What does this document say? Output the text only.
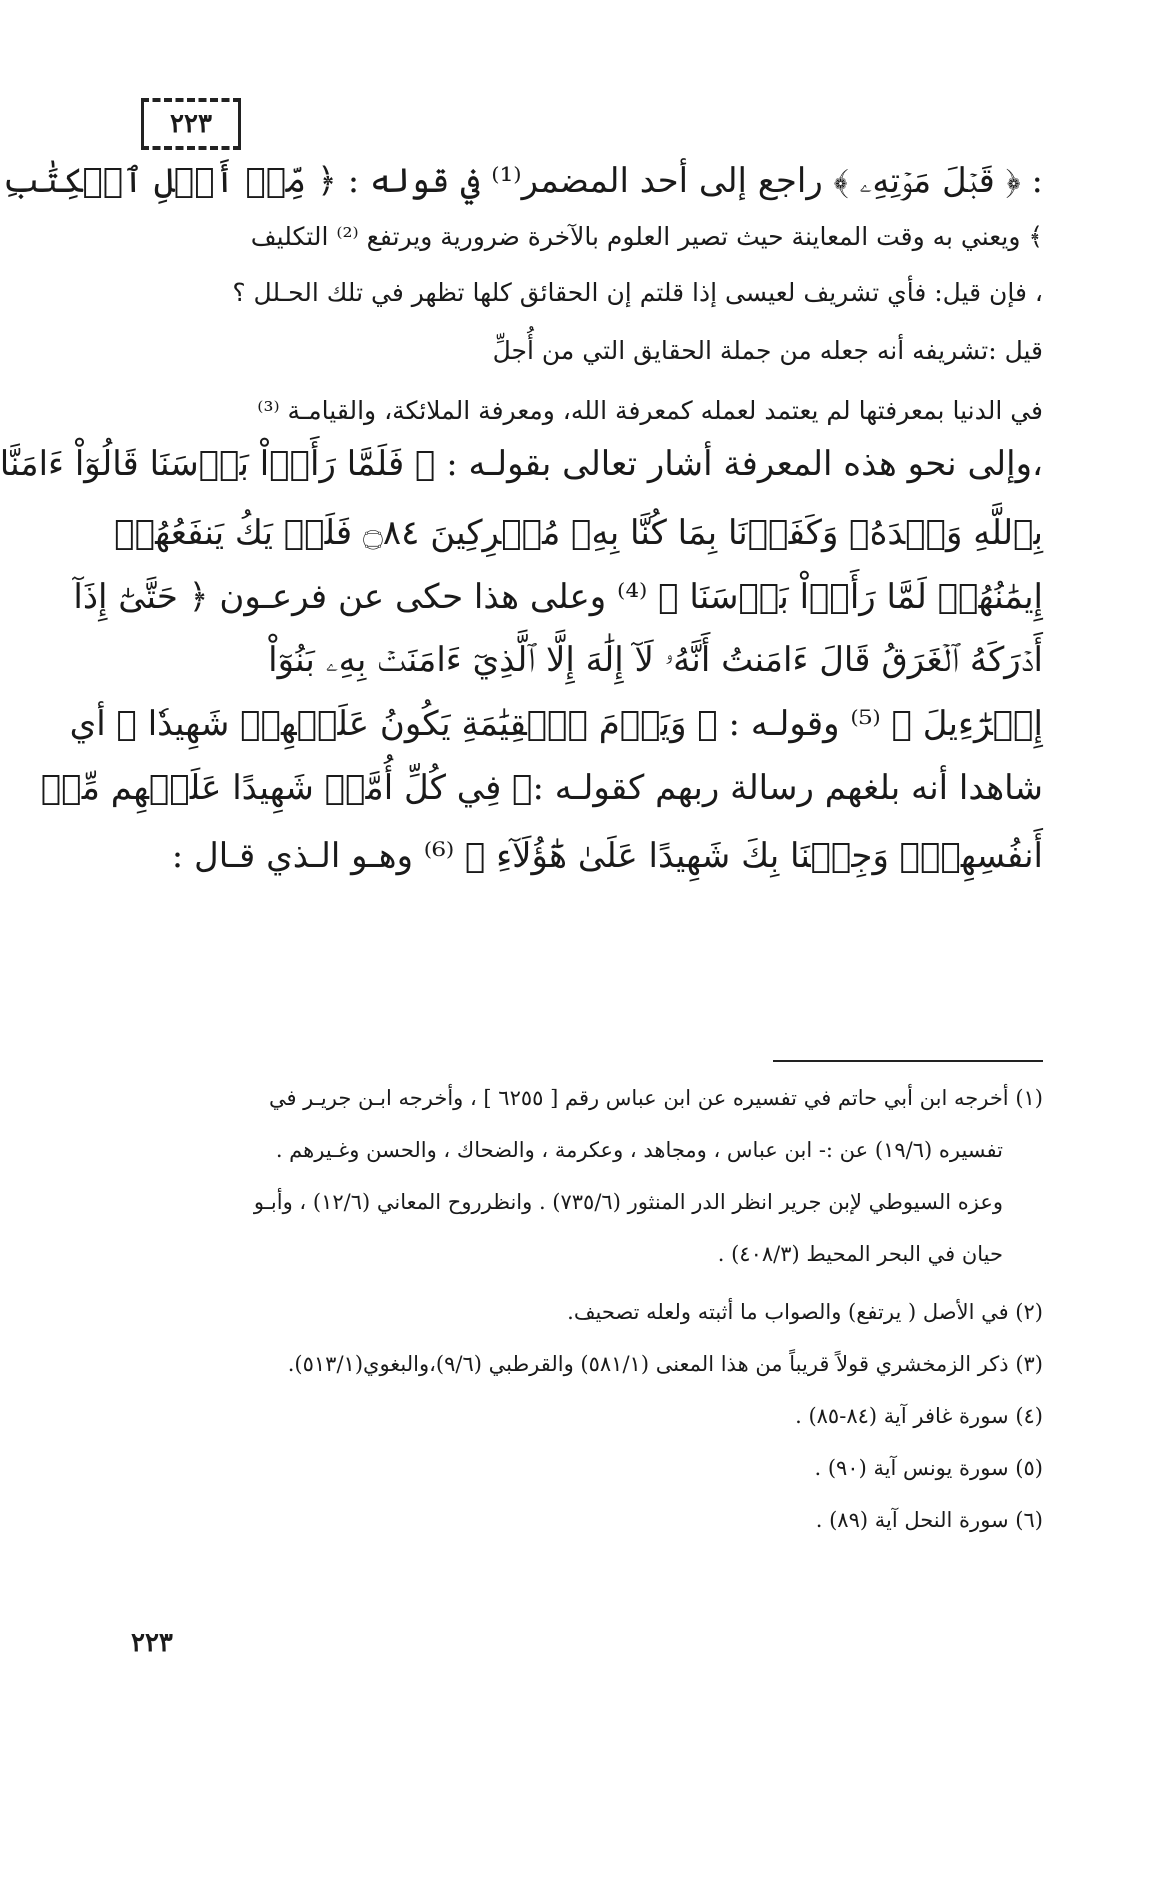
٢٢٣
: ﴿ قَبۡلَ مَوۡتِهِۦ ﴾ راجع إلى أحد المضمر⁽¹⁾ في قوله : ﴿ مِّنۡ أَهۡلِ ٱلۡكِتَٰبِ
﴾ ويعني به وقت المعاينة حيث تصير العلوم بالآخرة ضرورية ويرتفع ⁽²⁾ التكليف
، فإن قيل: فأي تشريف لعيسى إذا قلتم إن الحقائق كلها تظهر في تلك الحـلل ؟
قيل :تشريفه أنه جعله من جملة الحقايق التي من أُجلِّ
في الدنيا بمعرفتها لم يعتمد لعمله كمعرفة الله، ومعرفة الملائكة، والقيامـة ⁽³⁾
،وإلى نحو هذه المعرفة أشار تعالى بقولـه : ﴿ فَلَمَّا رَأَوۡاْ بَأۡسَنَا قَالُوٓاْ ءَامَنَّا
بِٱللَّهِ وَحۡدَهُۥ وَكَفَرۡنَا بِمَا كُنَّا بِهِۦ مُشۡرِكِينَ ۝٨٤ فَلَمۡ يَكُ يَنفَعُهُمۡ
إِيمَٰنُهُمۡ لَمَّا رَأَوۡاْ بَأۡسَنَا ﴾ ⁽⁴⁾ وعلى هذا حكى عن فرعـون ﴿ حَتَّىٰٓ إِذَآ
أَدۡرَكَهُ ٱلۡغَرَقُ قَالَ ءَامَنتُ أَنَّهُۥ لَآ إِلَٰهَ إِلَّا ٱلَّذِيٓ ءَامَنَتۡ بِهِۦ بَنُوٓاْ
إِسۡرَٰٓءِيلَ ﴾ ⁽⁵⁾ وقولـه : ﴿ وَيَوۡمَ ٱلۡقِيَٰمَةِ يَكُونُ عَلَيۡهِمۡ شَهِيدٗا ﴾ أي
شاهدا أنه بلغهم رسالة ربهم كقولـه :﴿ فِي كُلِّ أُمَّةٖ شَهِيدًا عَلَيۡهِم مِّنۡ
أَنفُسِهِمۡۖ وَجِئۡنَا بِكَ شَهِيدًا عَلَىٰ هَٰٓؤُلَآءِ ﴾ ⁽⁶⁾ وهـو الـذي قـال :
(١) أخرجه ابن أبي حاتم في تفسيره عن ابن عباس رقم [ ٦٢٥٥ ] ، وأخرجه ابـن جريـر في
تفسيره (١٩/٦) عن :- ابن عباس ، ومجاهد ، وعكرمة ، والضحاك ، والحسن وغـيرهم .
وعزه السيوطي لإبن جرير انظر الدر المنثور (٧٣٥/٦) . وانظرروح المعاني (١٢/٦) ، وأبـو
حيان في البحر المحيط (٤٠٨/٣) .
(٢) في الأصل ( يرتفع) والصواب ما أثبته ولعله تصحيف.
(٣) ذكر الزمخشري قولاً قريباً من هذا المعنى (٥٨١/١) والقرطبي (٩/٦)،والبغوي(٥١٣/١).
(٤) سورة غافر آية (٨٤-٨٥) .
(٥) سورة يونس آية (٩٠) .
(٦) سورة النحل آية (٨٩) .
٢٢٣
